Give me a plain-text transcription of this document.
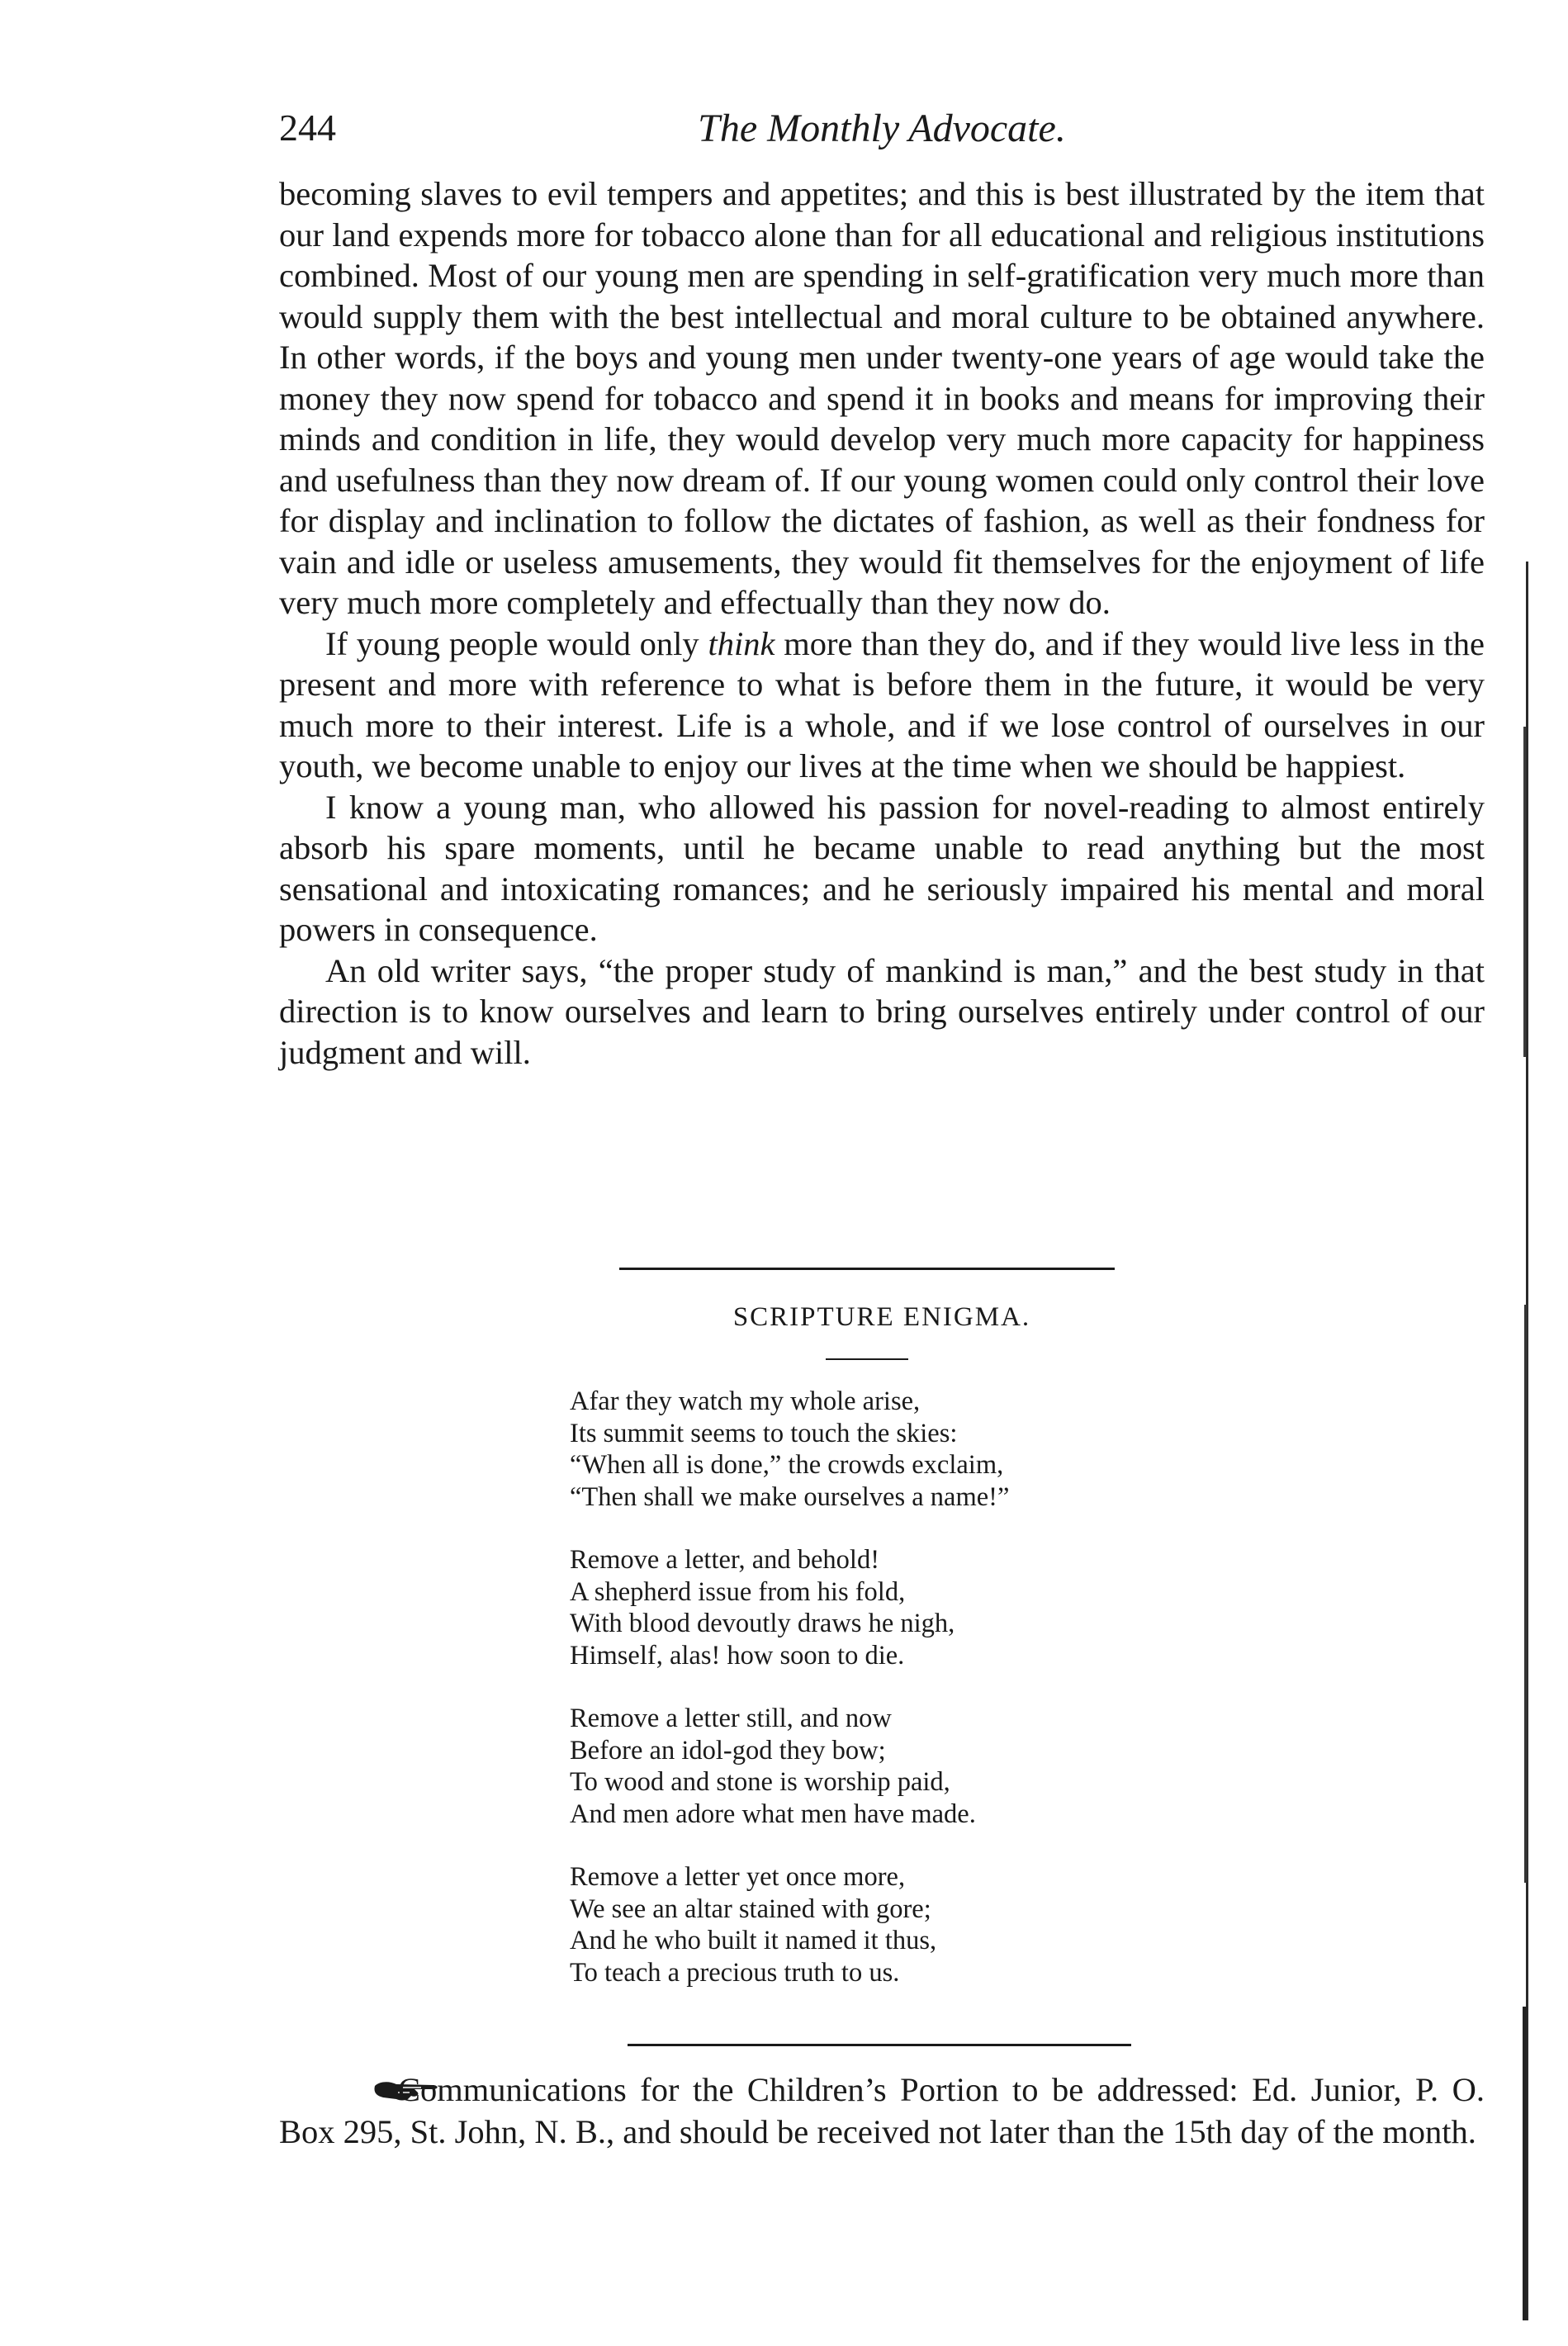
244	The Monthly Advocate.

becoming slaves to evil tempers and appetites; and this is best illustrated by the item that our land expends more for tobacco alone than for all educational and religious institutions combined. Most of our young men are spending in self-gratification very much more than would supply them with the best intellectual and moral culture to be obtained anywhere. In other words, if the boys and young men under twenty-one years of age would take the money they now spend for tobacco and spend it in books and means for improving their minds and condition in life, they would develop very much more capacity for happiness and usefulness than they now dream of. If our young women could only control their love for display and inclination to follow the dictates of fashion, as well as their fondness for vain and idle or useless amusements, they would fit themselves for the enjoyment of life very much more completely and effectually than they now do.

If young people would only think more than they do, and if they would live less in the present and more with reference to what is before them in the future, it would be very much more to their interest. Life is a whole, and if we lose control of ourselves in our youth, we become unable to enjoy our lives at the time when we should be happiest.

I know a young man, who allowed his passion for novel-reading to almost entirely absorb his spare moments, until he became unable to read anything but the most sensational and intoxicating romances; and he seriously impaired his mental and moral powers in consequence.

An old writer says, “the proper study of mankind is man,” and the best study in that direction is to know ourselves and learn to bring ourselves entirely under control of our judgment and will.

SCRIPTURE ENIGMA.
Afar they watch my whole arise,
Its summit seems to touch the skies:
“When all is done,” the crowds exclaim,
“Then shall we make ourselves a name!”
Remove a letter, and behold!
A shepherd issue from his fold,
With blood devoutly draws he nigh,
Himself, alas! how soon to die.
Remove a letter still, and now
Before an idol-god they bow;
To wood and stone is worship paid,
And men adore what men have made.
Remove a letter yet once more,
We see an altar stained with gore;
And he who built it named it thus,
To teach a precious truth to us.

Communications for the Children’s Portion to be addressed: Ed. Junior, P. O. Box 295, St. John, N. B., and should be received not later than the 15th day of the month.
